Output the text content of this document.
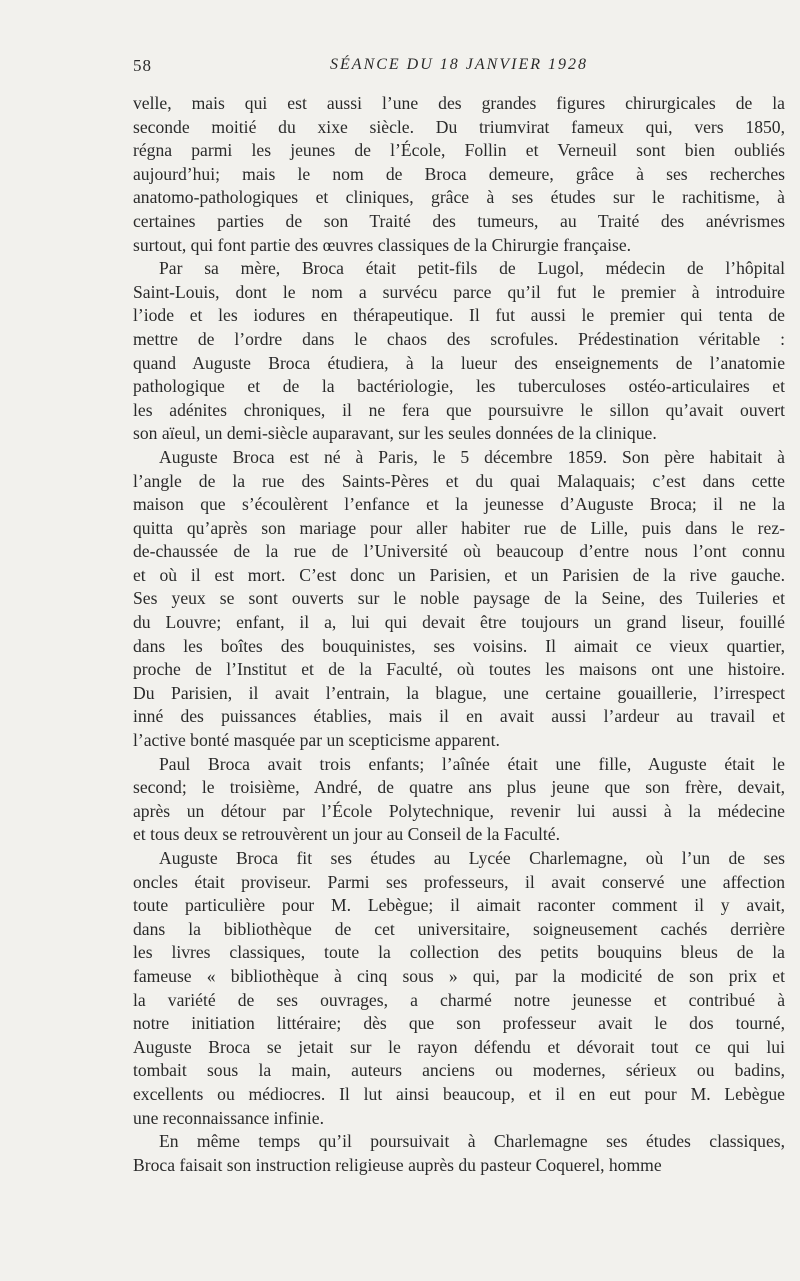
58	SÉANCE DU 18 JANVIER 1928
velle, mais qui est aussi l’une des grandes figures chirurgicales de la
seconde moitié du xixe siècle. Du triumvirat fameux qui, vers 1850,
régna parmi les jeunes de l’École, Follin et Verneuil sont bien oubliés
aujourd’hui; mais le nom de Broca demeure, grâce à ses recherches
anatomo-pathologiques et cliniques, grâce à ses études sur le rachitisme, à
certaines parties de son Traité des tumeurs, au Traité des anévrismes
surtout, qui font partie des œuvres classiques de la Chirurgie française.
Par sa mère, Broca était petit-fils de Lugol, médecin de l’hôpital
Saint-Louis, dont le nom a survécu parce qu’il fut le premier à introduire
l’iode et les iodures en thérapeutique. Il fut aussi le premier qui tenta de
mettre de l’ordre dans le chaos des scrofules. Prédestination véritable :
quand Auguste Broca étudiera, à la lueur des enseignements de l’anatomie
pathologique et de la bactériologie, les tuberculoses ostéo-articulaires et
les adénites chroniques, il ne fera que poursuivre le sillon qu’avait ouvert
son aïeul, un demi-siècle auparavant, sur les seules données de la clinique.
Auguste Broca est né à Paris, le 5 décembre 1859. Son père habitait à
l’angle de la rue des Saints-Pères et du quai Malaquais; c’est dans cette
maison que s’écoulèrent l’enfance et la jeunesse d’Auguste Broca; il ne la
quitta qu’après son mariage pour aller habiter rue de Lille, puis dans le rez-
de-chaussée de la rue de l’Université où beaucoup d’entre nous l’ont connu
et où il est mort. C’est donc un Parisien, et un Parisien de la rive gauche.
Ses yeux se sont ouverts sur le noble paysage de la Seine, des Tuileries et
du Louvre; enfant, il a, lui qui devait être toujours un grand liseur, fouillé
dans les boîtes des bouquinistes, ses voisins. Il aimait ce vieux quartier,
proche de l’Institut et de la Faculté, où toutes les maisons ont une histoire.
Du Parisien, il avait l’entrain, la blague, une certaine gouaillerie, l’irrespect
inné des puissances établies, mais il en avait aussi l’ardeur au travail et
l’active bonté masquée par un scepticisme apparent.
Paul Broca avait trois enfants; l’aînée était une fille, Auguste était le
second; le troisième, André, de quatre ans plus jeune que son frère, devait,
après un détour par l’École Polytechnique, revenir lui aussi à la médecine
et tous deux se retrouvèrent un jour au Conseil de la Faculté.
Auguste Broca fit ses études au Lycée Charlemagne, où l’un de ses
oncles était proviseur. Parmi ses professeurs, il avait conservé une affection
toute particulière pour M. Lebègue; il aimait raconter comment il y avait,
dans la bibliothèque de cet universitaire, soigneusement cachés derrière
les livres classiques, toute la collection des petits bouquins bleus de la
fameuse « bibliothèque à cinq sous » qui, par la modicité de son prix et
la variété de ses ouvrages, a charmé notre jeunesse et contribué à
notre initiation littéraire; dès que son professeur avait le dos tourné,
Auguste Broca se jetait sur le rayon défendu et dévorait tout ce qui lui
tombait sous la main, auteurs anciens ou modernes, sérieux ou badins,
excellents ou médiocres. Il lut ainsi beaucoup, et il en eut pour M. Lebègue
une reconnaissance infinie.
En même temps qu’il poursuivait à Charlemagne ses études classiques,
Broca faisait son instruction religieuse auprès du pasteur Coquerel, homme
